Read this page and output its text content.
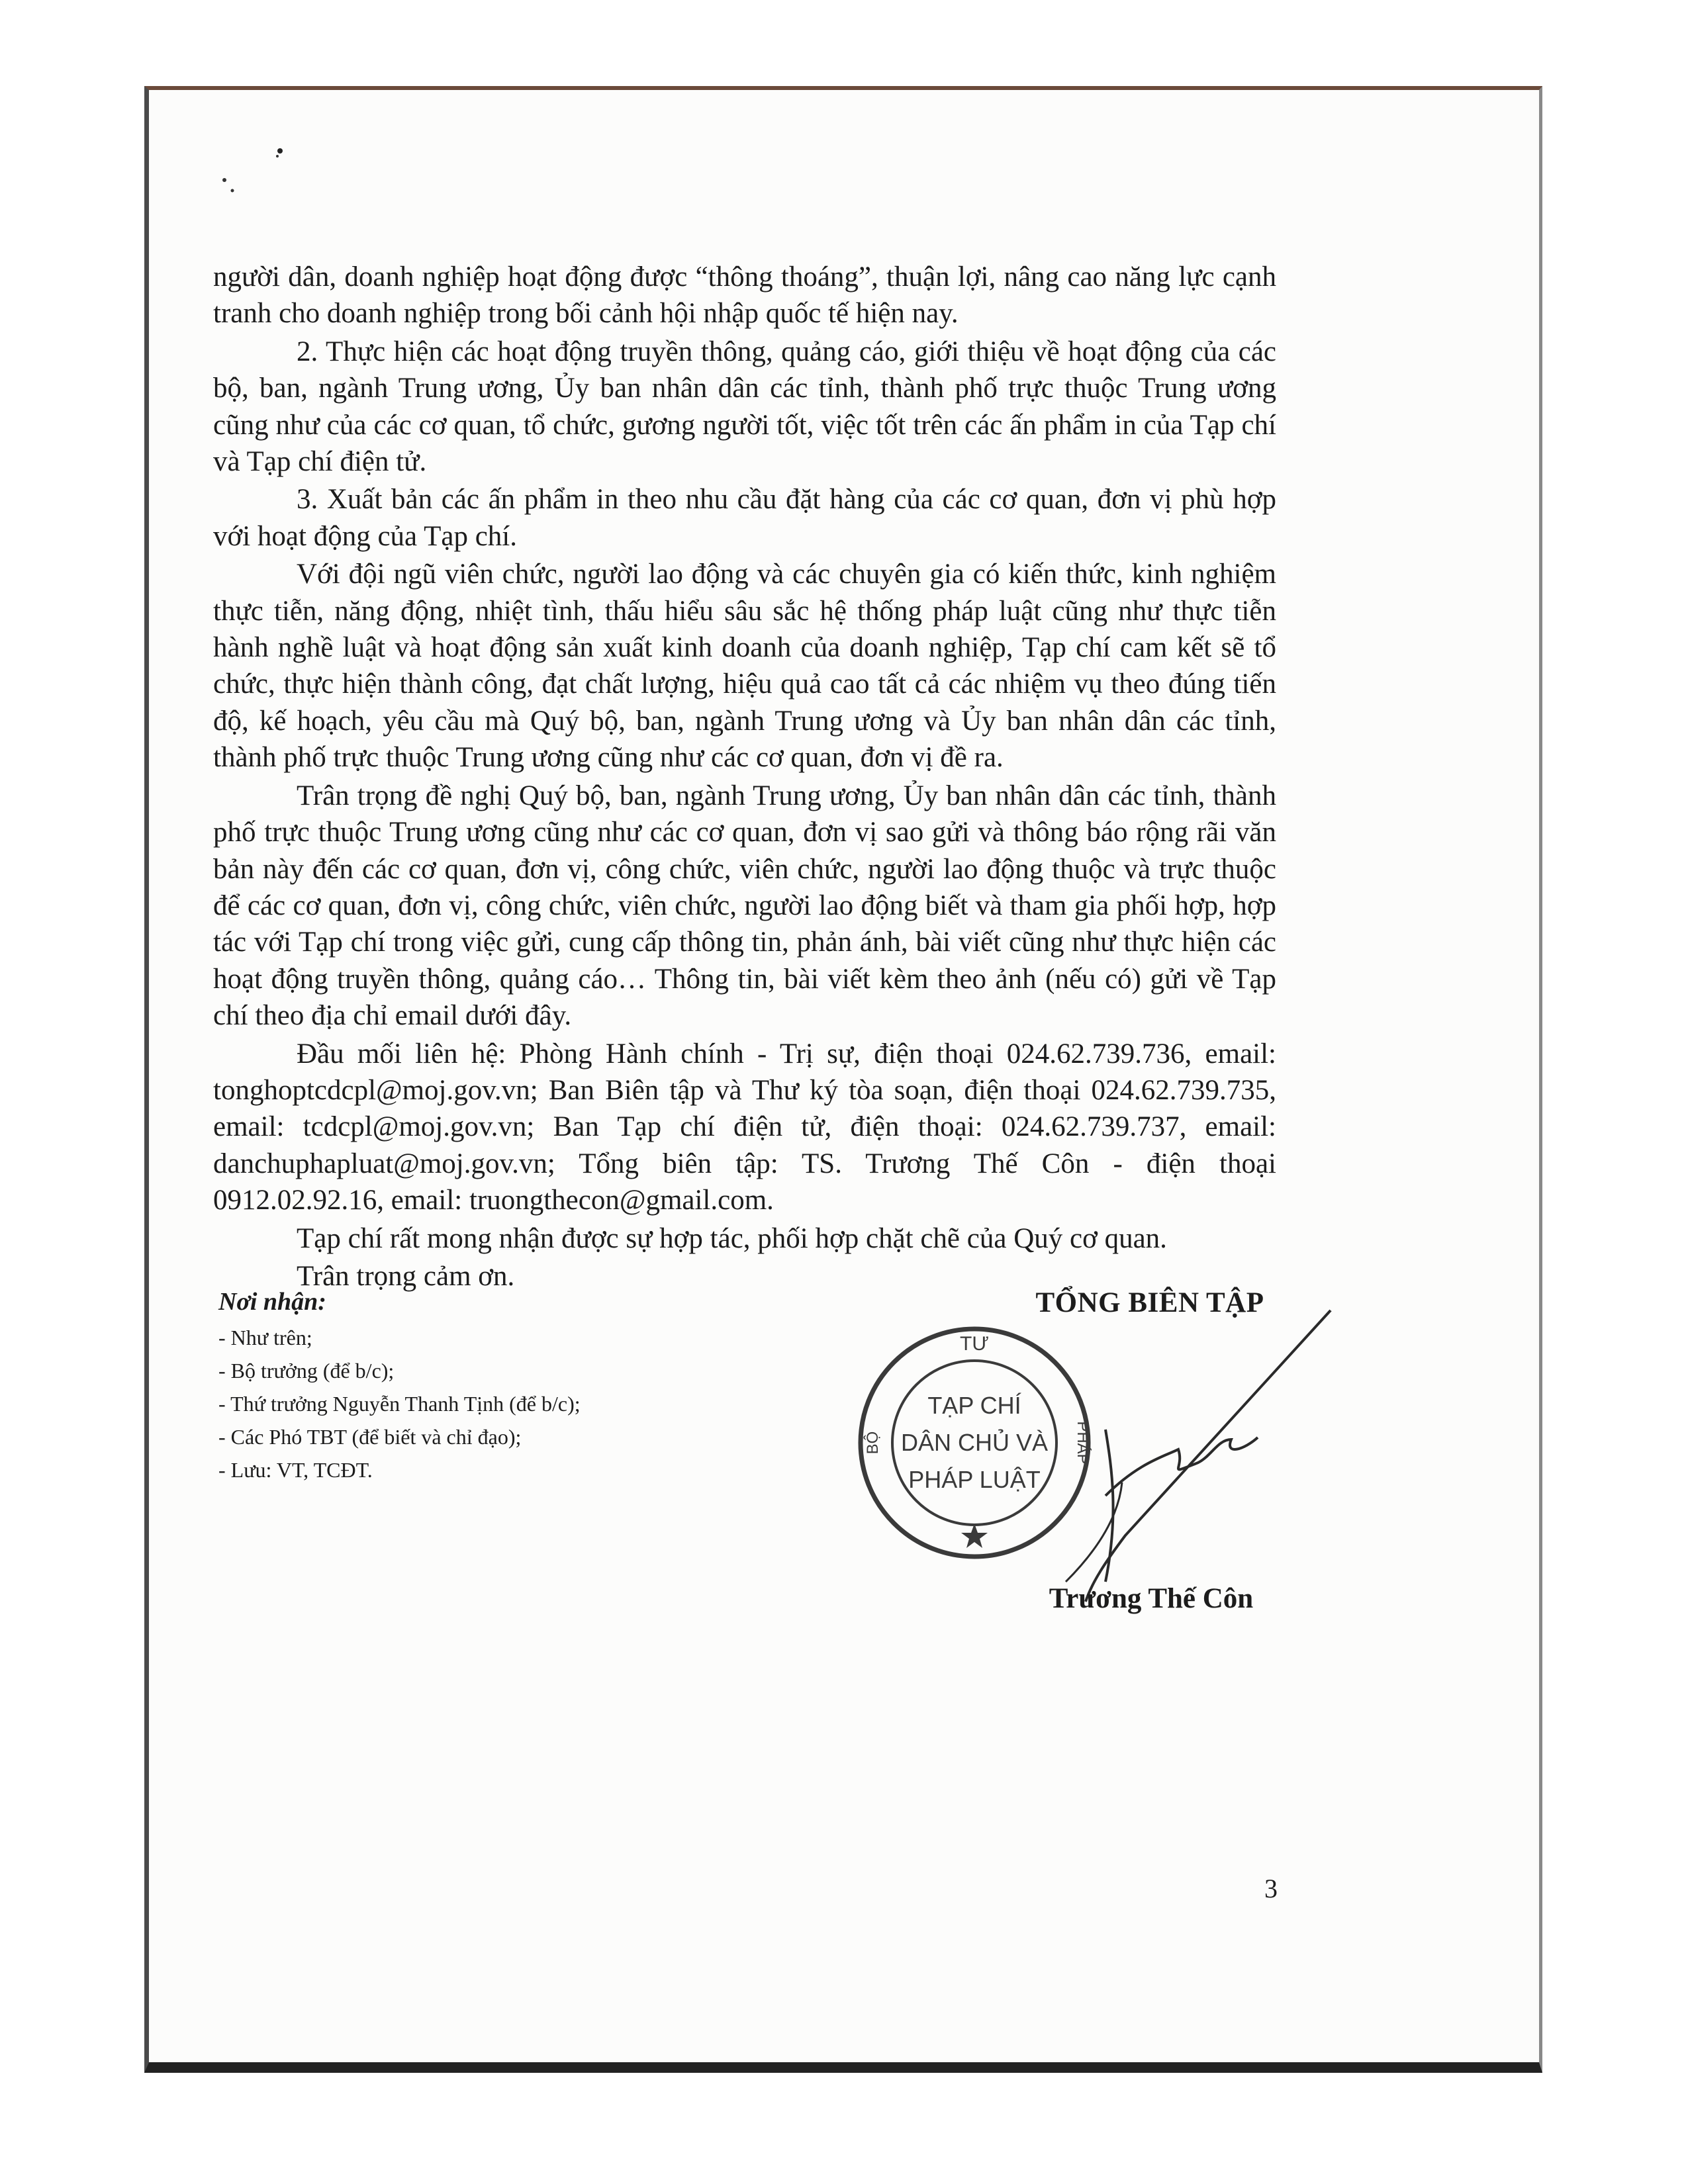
người dân, doanh nghiệp hoạt động được “thông thoáng”, thuận lợi, nâng cao năng lực cạnh tranh cho doanh nghiệp trong bối cảnh hội nhập quốc tế hiện nay.

2. Thực hiện các hoạt động truyền thông, quảng cáo, giới thiệu về hoạt động của các bộ, ban, ngành Trung ương, Ủy ban nhân dân các tỉnh, thành phố trực thuộc Trung ương cũng như của các cơ quan, tổ chức, gương người tốt, việc tốt trên các ấn phẩm in của Tạp chí và Tạp chí điện tử.

3. Xuất bản các ấn phẩm in theo nhu cầu đặt hàng của các cơ quan, đơn vị phù hợp với hoạt động của Tạp chí.

Với đội ngũ viên chức, người lao động và các chuyên gia có kiến thức, kinh nghiệm thực tiễn, năng động, nhiệt tình, thấu hiểu sâu sắc hệ thống pháp luật cũng như thực tiễn hành nghề luật và hoạt động sản xuất kinh doanh của doanh nghiệp, Tạp chí cam kết sẽ tổ chức, thực hiện thành công, đạt chất lượng, hiệu quả cao tất cả các nhiệm vụ theo đúng tiến độ, kế hoạch, yêu cầu mà Quý bộ, ban, ngành Trung ương và Ủy ban nhân dân các tỉnh, thành phố trực thuộc Trung ương cũng như các cơ quan, đơn vị đề ra.

Trân trọng đề nghị Quý bộ, ban, ngành Trung ương, Ủy ban nhân dân các tỉnh, thành phố trực thuộc Trung ương cũng như các cơ quan, đơn vị sao gửi và thông báo rộng rãi văn bản này đến các cơ quan, đơn vị, công chức, viên chức, người lao động thuộc và trực thuộc để các cơ quan, đơn vị, công chức, viên chức, người lao động biết và tham gia phối hợp, hợp tác với Tạp chí trong việc gửi, cung cấp thông tin, phản ánh, bài viết cũng như thực hiện các hoạt động truyền thông, quảng cáo… Thông tin, bài viết kèm theo ảnh (nếu có) gửi về Tạp chí theo địa chỉ email dưới đây.

Đầu mối liên hệ: Phòng Hành chính - Trị sự, điện thoại 024.62.739.736, email: tonghoptcdcpl@moj.gov.vn; Ban Biên tập và Thư ký tòa soạn, điện thoại 024.62.739.735, email: tcdcpl@moj.gov.vn; Ban Tạp chí điện tử, điện thoại: 024.62.739.737, email: danchuphapluat@moj.gov.vn; Tổng biên tập: TS. Trương Thế Côn - điện thoại 0912.02.92.16, email: truongthecon@gmail.com.

Tạp chí rất mong nhận được sự hợp tác, phối hợp chặt chẽ của Quý cơ quan.

Trân trọng cảm ơn.

Nơi nhận:
- Như trên;
- Bộ trưởng (để b/c);
- Thứ trưởng Nguyễn Thanh Tịnh (để b/c);
- Các Phó TBT (để biết và chỉ đạo);
- Lưu: VT, TCĐT.
TỔNG BIÊN TẬP
TƯ
BỘ	PHÁP
TẠP CHÍ
DÂN CHỦ VÀ
PHÁP LUẬT
Trương Thế Côn
3
